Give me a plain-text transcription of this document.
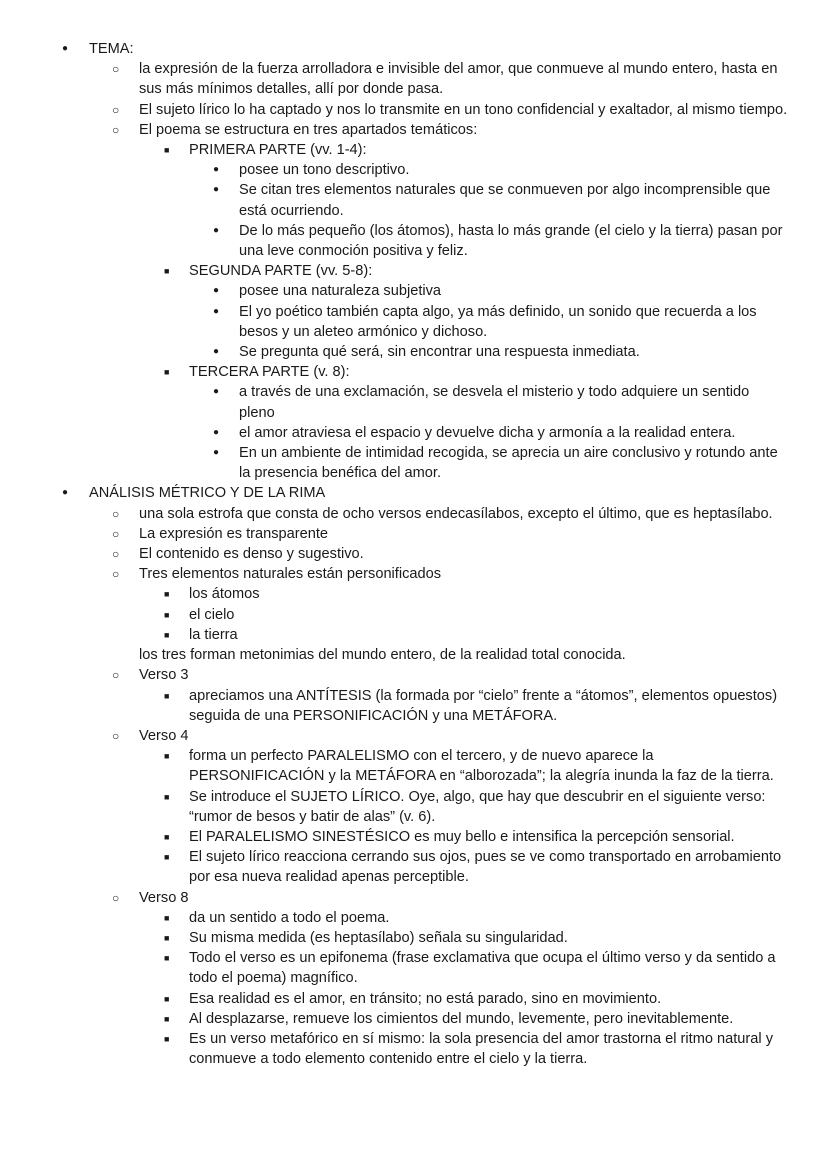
● TEMA:
○ la expresión de la fuerza arrolladora e invisible del amor, que conmueve al mundo entero, hasta en sus más mínimos detalles, allí por donde pasa.
○ El sujeto lírico lo ha captado y nos lo transmite en un tono confidencial y exaltador, al mismo tiempo.
○ El poema se estructura en tres apartados temáticos:
■ PRIMERA PARTE (vv. 1-4):
● posee un tono descriptivo.
● Se citan tres elementos naturales que se conmueven por algo incomprensible que está ocurriendo.
● De lo más pequeño (los átomos), hasta lo más grande (el cielo y la tierra) pasan por una leve conmoción positiva y feliz.
■ SEGUNDA PARTE (vv. 5-8):
● posee una naturaleza subjetiva
● El yo poético también capta algo, ya más definido, un sonido que recuerda a los besos y un aleteo armónico y dichoso.
● Se pregunta qué será, sin encontrar una respuesta inmediata.
■ TERCERA PARTE (v. 8):
● a través de una exclamación, se desvela el misterio y todo adquiere un sentido pleno
● el amor atraviesa el espacio y devuelve dicha y armonía a la realidad entera.
● En un ambiente de intimidad recogida, se aprecia un aire conclusivo y rotundo ante la presencia benéfica del amor.
● ANÁLISIS MÉTRICO Y DE LA RIMA
○ una sola estrofa que consta de ocho versos endecasílabos, excepto el último, que es heptasílabo.
○ La expresión es transparente
○ El contenido es denso y sugestivo.
○ Tres elementos naturales están personificados
■ los átomos
■ el cielo
■ la tierra
los tres forman metonimias del mundo entero, de la realidad total conocida.
○ Verso 3
■ apreciamos una ANTÍTESIS (la formada por “cielo” frente a “átomos”, elementos opuestos) seguida de una PERSONIFICACIÓN y una METÁFORA.
○ Verso 4
■ forma un perfecto PARALELISMO con el tercero, y de nuevo aparece la PERSONIFICACIÓN y la METÁFORA en “alborozada”; la alegría inunda la faz de la tierra.
■ Se introduce el SUJETO LÍRICO. Oye, algo, que hay que descubrir en el siguiente verso: “rumor de besos y batir de alas” (v. 6).
■ El PARALELISMO SINESTÉSICO es muy bello e intensifica la percepción sensorial.
■ El sujeto lírico reacciona cerrando sus ojos, pues se ve como transportado en arrobamiento por esa nueva realidad apenas perceptible.
○ Verso 8
■ da un sentido a todo el poema.
■ Su misma medida (es heptasílabo) señala su singularidad.
■ Todo el verso es un epifonema (frase exclamativa que ocupa el último verso y da sentido a todo el poema) magnífico.
■ Esa realidad es el amor, en tránsito; no está parado, sino en movimiento.
■ Al desplazarse, remueve los cimientos del mundo, levemente, pero inevitablemente.
■ Es un verso metafórico en sí mismo: la sola presencia del amor trastorna el ritmo natural y conmueve a todo elemento contenido entre el cielo y la tierra.
